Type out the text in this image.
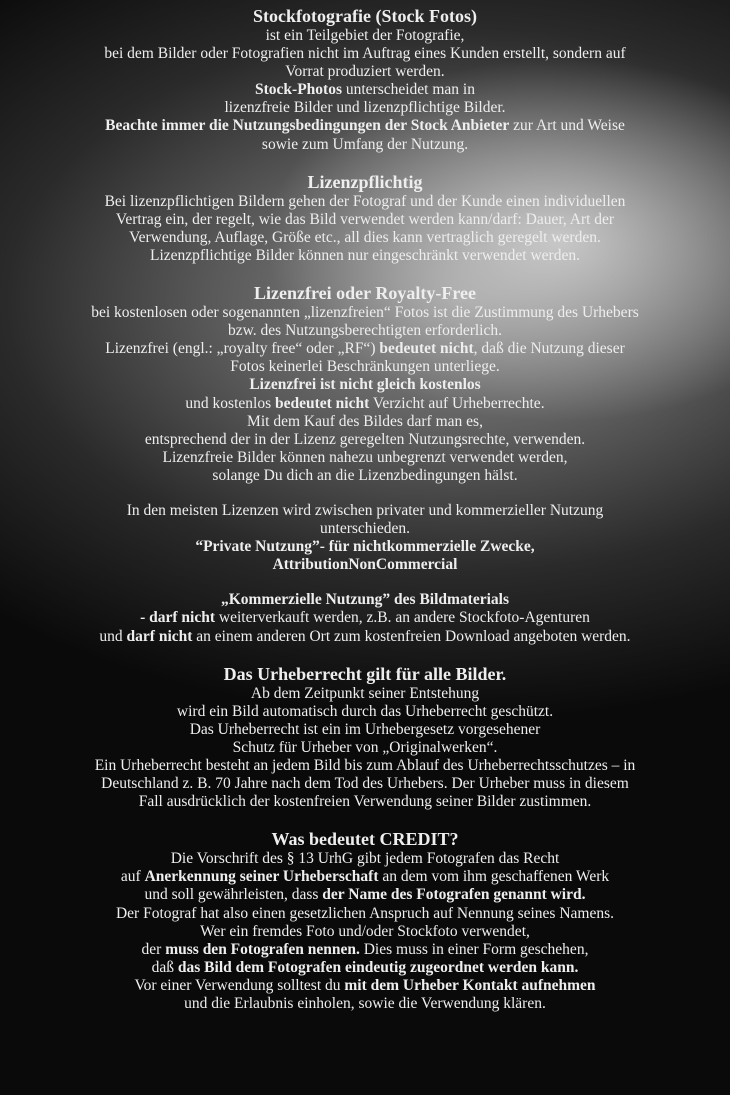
Stockfotografie (Stock Fotos)
ist ein Teilgebiet der Fotografie,
bei dem Bilder oder Fotografien nicht im Auftrag eines Kunden erstellt, sondern auf
Vorrat produziert werden.
Stock-Photos unterscheidet man in
lizenzfreie Bilder und lizenzpflichtige Bilder.
Beachte immer die Nutzungsbedingungen der Stock Anbieter zur Art und Weise
sowie zum Umfang der Nutzung.
Lizenzpflichtig
Bei lizenzpflichtigen Bildern gehen der Fotograf und der Kunde einen individuellen
Vertrag ein, der regelt, wie das Bild verwendet werden kann/darf: Dauer, Art der
Verwendung, Auflage, Größe etc., all dies kann vertraglich geregelt werden.
Lizenzpflichtige Bilder können nur eingeschränkt verwendet werden.
Lizenzfrei oder Royalty-Free
bei kostenlosen oder sogenannten „lizenzfreien“ Fotos ist die Zustimmung des Urhebers
bzw. des Nutzungsberechtigten erforderlich.
Lizenzfrei (engl.: „royalty free“ oder „RF“) bedeutet nicht, daß die Nutzung dieser
Fotos keinerlei Beschränkungen unterliege.
Lizenzfrei ist nicht gleich kostenlos
und kostenlos bedeutet nicht Verzicht auf Urheberrechte.
Mit dem Kauf des Bildes darf man es,
entsprechend der in der Lizenz geregelten Nutzungsrechte, verwenden.
Lizenzfreie Bilder können nahezu unbegrenzt verwendet werden,
solange Du dich an die Lizenzbedingungen hälst.
In den meisten Lizenzen wird zwischen privater und kommerzieller Nutzung
unterschieden.
“Private Nutzung”- für nichtkommerzielle Zwecke,
AttributionNonCommercial
„Kommerzielle Nutzung” des Bildmaterials
- darf nicht weiterverkauft werden, z.B. an andere Stockfoto-Agenturen
und darf nicht an einem anderen Ort zum kostenfreien Download angeboten werden.
Das Urheberrecht gilt für alle Bilder.
Ab dem Zeitpunkt seiner Entstehung
wird ein Bild automatisch durch das Urheberrecht geschützt.
Das Urheberrecht ist ein im Urhebergesetz vorgesehener
Schutz für Urheber von „Originalwerken“.
Ein Urheberrecht besteht an jedem Bild bis zum Ablauf des Urheberrechtsschutzes – in
Deutschland z. B. 70 Jahre nach dem Tod des Urhebers. Der Urheber muss in diesem
Fall ausdrücklich der kostenfreien Verwendung seiner Bilder zustimmen.
Was bedeutet CREDIT?
Die Vorschrift des § 13 UrhG gibt jedem Fotografen das Recht
auf Anerkennung seiner Urheberschaft an dem vom ihm geschaffenen Werk
und soll gewährleisten, dass der Name des Fotografen genannt wird.
Der Fotograf hat also einen gesetzlichen Anspruch auf Nennung seines Namens.
Wer ein fremdes Foto und/oder Stockfoto verwendet,
der muss den Fotografen nennen. Dies muss in einer Form geschehen,
daß das Bild dem Fotografen eindeutig zugeordnet werden kann.
Vor einer Verwendung solltest du mit dem Urheber Kontakt aufnehmen
und die Erlaubnis einholen, sowie die Verwendung klären.
